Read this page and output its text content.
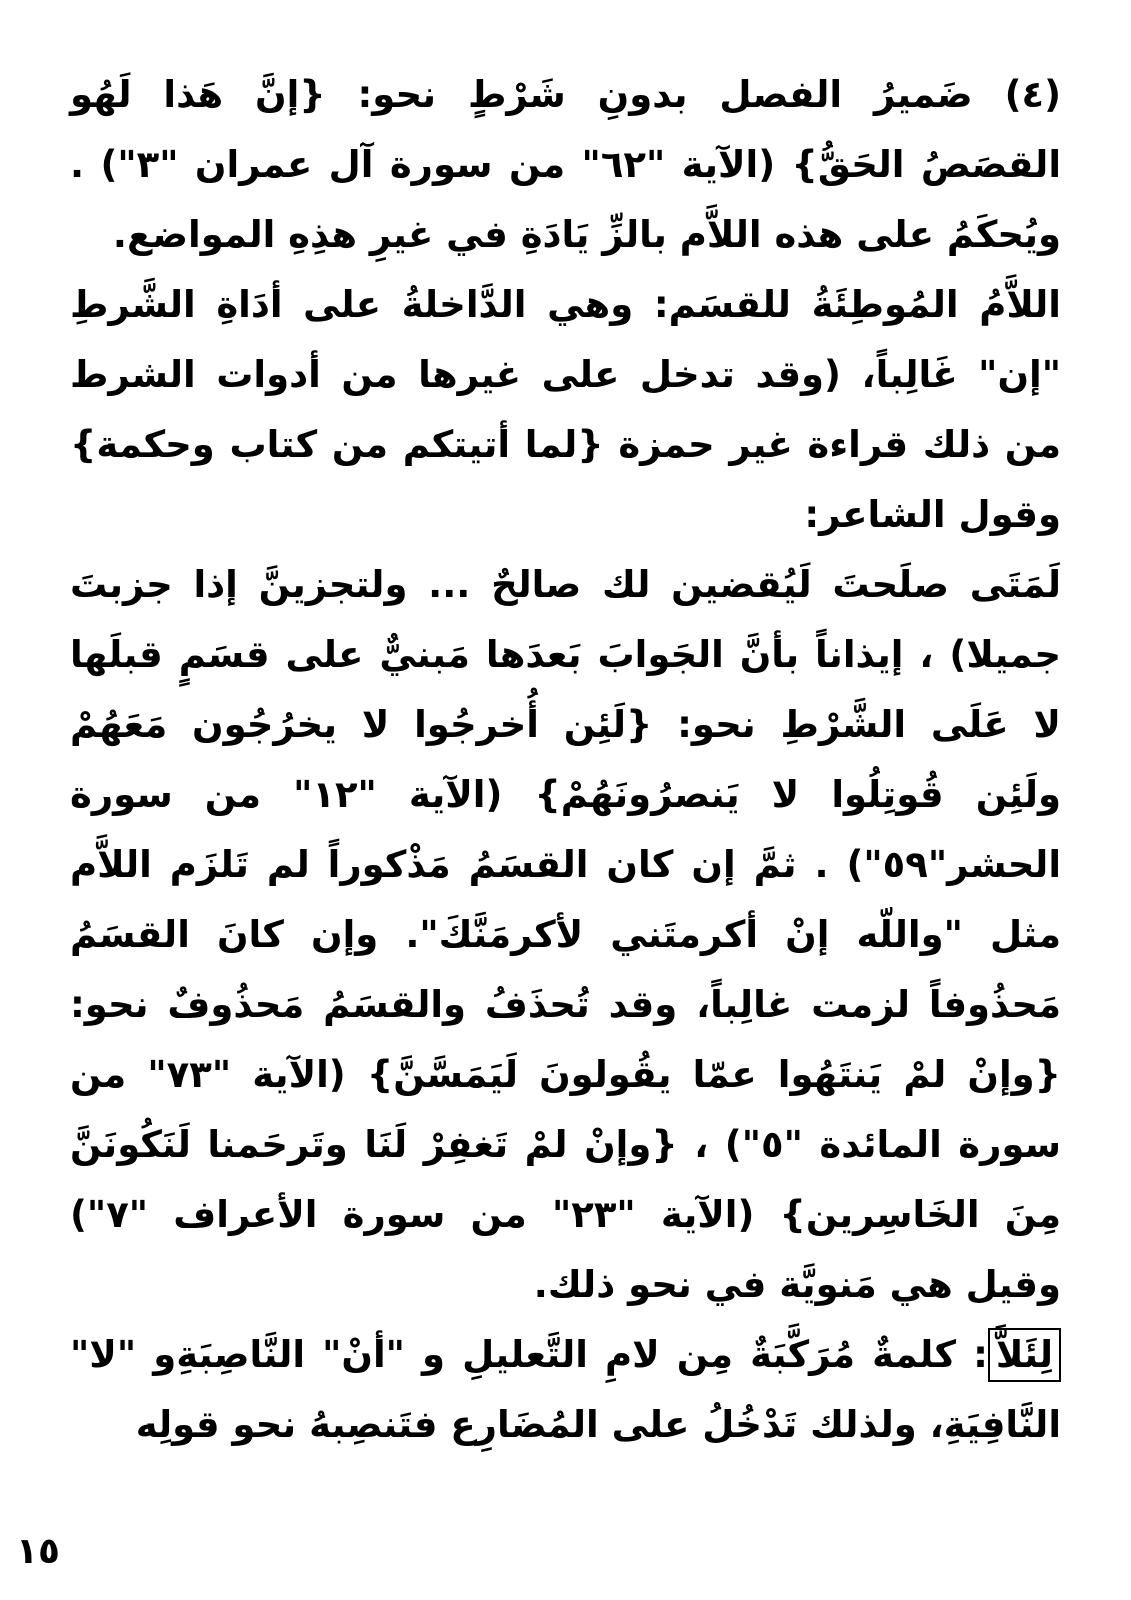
(٤) ضَميرُ الفصل بدونِ شَرْطٍ نحو: {إنَّ هَذا لَهُو القصَصُ الحَقُّ} (الآية "٦٢" من سورة آل عمران "٣") . ويُحكَمُ على هذه اللاَّم بالزِّ يَادَةِ في غيرِ هذِهِ المواضع.

اللاَّمُ المُوطِئَةُ للقسَم: وهي الدَّاخلةُ على أدَاةِ الشَّرطِ "إن" غَالِباً، (وقد تدخل على غيرها من أدوات الشرط من ذلك قراءة غير حمزة {لما أتيتكم من كتاب وحكمة} وقول الشاعر:

لَمَتَى صلَحتَ لَيُقضين لك صالحٌ ... ولتجزينَّ إذا جزبتَ جميلا) ، إيذاناً بأنَّ الجَوابَ بَعدَها مَبنيٌّ على قسَمٍ قبلَها لا عَلَى الشَّرْطِ نحو: {لَئِن أُخرجُوا لا يخرُجُون مَعَهُمْ ولَئِن قُوتِلُوا لا يَنصرُونَهُمْ} (الآية "١٢" من سورة الحشر"٥٩") . ثمَّ إن كان القسَمُ مَذْكوراً لم تَلزَم اللاَّم مثل "واللّه إنْ أكرمتَني لأكرمَنَّكَ". وإن كانَ القسَمُ مَحذُوفاً لزمت غالِباً، وقد تُحذَفُ والقسَمُ مَحذُوفٌ نحو: {وإنْ لمْ يَنتَهُوا عمّا يقُولونَ لَيَمَسَّنَّ} (الآية "٧٣" من سورة المائدة "٥") ، {وإنْ لمْ تَغفِرْ لَنَا وتَرحَمنا لَنَكُونَنَّ مِنَ الخَاسِرين} (الآية "٢٣" من سورة الأعراف "٧") وقيل هي مَنويَّة في نحو ذلك.

لِئَلاَّ: كلمةٌ مُرَكَّبَةٌ مِن لامِ التَّعليلِ و "أنْ" النَّاصِبَةِو "لا" النَّافِيَةِ، ولذلك تَدْخُلُ على المُضَارِع فتَنصِبهُ نحو قولِه

١٥
